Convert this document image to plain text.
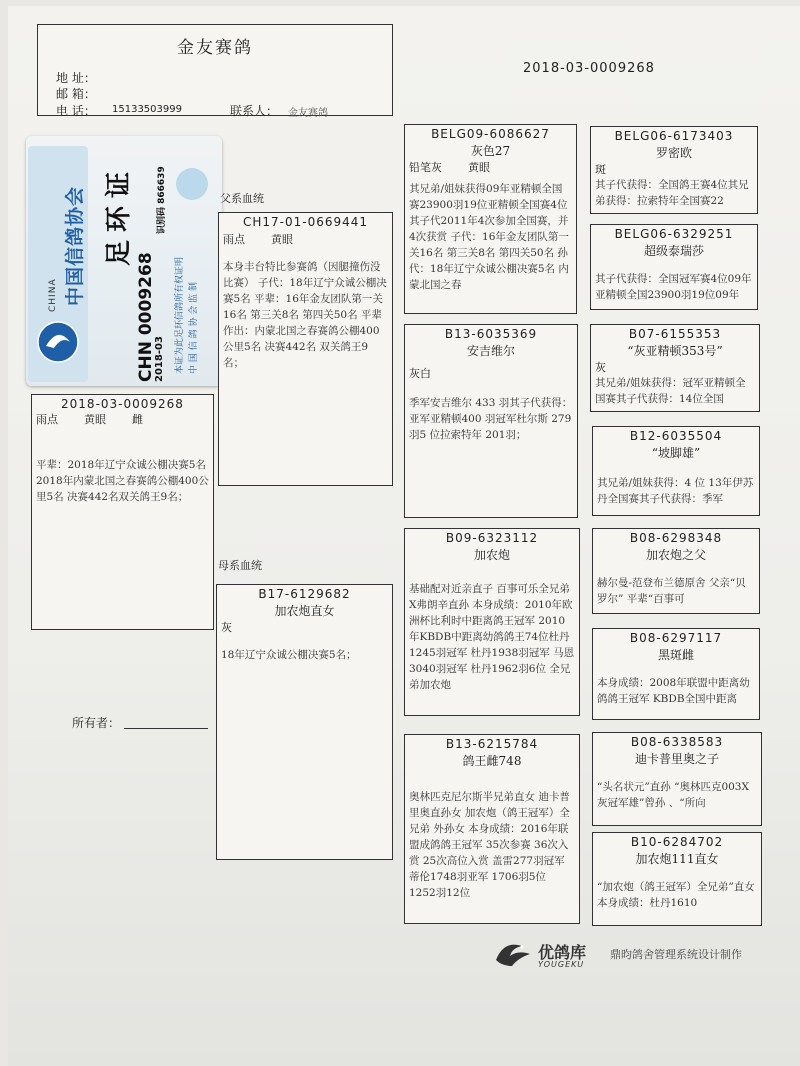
金友赛鸽
地 址：
邮 箱：
电 话： 15133503999	联系人： 金友赛鸽
2018-03-0009268
CHINA 中国信鸽协会 足环证
CHN 0009268
2018-03
识别码 866639
本证为此足环信鸽所有权证明 中 国 信 鸽 协 会 监 制
2018-03-0009268
雨点 黄眼 雌
平辈：2018年辽宁众诚公棚决赛5名 2018年内蒙北国之春赛鸽公棚400公里5名 决赛442名双关鸽王9名；
所有者：
父系血统
母系血统
CH17-01-0669441
雨点 黄眼
本身丰台特比参赛鸽（因腿撞伤没比赛） 子代：18年辽宁众诚公棚决赛5名 平辈：16年金友团队第一关16名 第三关8名 第四关50名 平辈作出：内蒙北国之春赛鸽公棚400公里5名 决赛442名 双关鸽王9名；
B17-6129682
加农炮直女
灰
18年辽宁众诚公棚决赛5名；
BELG09-6086627
灰色27
铅笔灰 黄眼
其兄弟/姐妹获得09年亚精顿全国赛23900羽19位亚精顿全国赛4位其子代2011年4次参加全国赛，并4次获赏 子代：16年金友团队第一关16名 第三关8名 第四关50名 孙代：18年辽宁众诚公棚决赛5名 内蒙北国之春
B13-6035369
安吉维尔
灰白
季军安吉维尔 433 羽其子代获得：亚军亚精顿400 羽冠军杜尔斯 279 羽5 位拉索特年 201羽；
B09-6323112
加农炮
基础配对近亲直子 百事可乐全兄弟X弗朗辛直孙 本身成绩：2010年欧洲杯比利时中距离鸽王冠军 2010年KBDB中距离幼鸽鸽王74位杜丹1245羽冠军 杜丹1938羽冠军 马恩3040羽冠军 杜丹1962羽6位 全兄弟加农炮
B13-6215784
鸽王雌748
奥林匹克尼尔斯半兄弟直女 迪卡普里奥直孙女 加农炮（鸽王冠军）全兄弟 外孙女 本身成绩：2016年联盟成鸽鸽王冠军 35次参赛 36次入赏 25次高位入赏 盖雷277羽冠军 蒂伦1748羽亚军 1706羽5位 1252羽12位
BELG06-6173403
罗密欧
斑
其子代获得：全国鸽王赛4位其兄弟获得：拉索特年全国赛22
BELG06-6329251
超级泰瑞莎
其子代获得：全国冠军赛4位09年亚精顿全国23900羽19位09年
B07-6155353
“灰亚精顿353号”
灰
其兄弟/姐妹获得：冠军亚精顿全国赛其子代获得：14位全国
B12-6035504
“坡脚雄”
其兄弟/姐妹获得：4 位 13年伊苏丹全国赛其子代获得：季军
B08-6298348
加农炮之父
赫尔曼-范登布兰德原舍 父亲“贝罗尔” 平辈“百事可
B08-6297117
黑斑雌
本身成绩：2008年联盟中距离幼鸽鸽王冠军 KBDB全国中距离
B08-6338583
迪卡普里奥之子
“头名状元”直孙 “奥林匹克003X灰冠军雄”曾孙 、“所向
B10-6284702
加农炮111直女
“加农炮（鸽王冠军）全兄弟”直女 本身成绩：杜丹1610
优鸽库
YOUGEKU
鼎昀鸽舍管理系统设计制作
